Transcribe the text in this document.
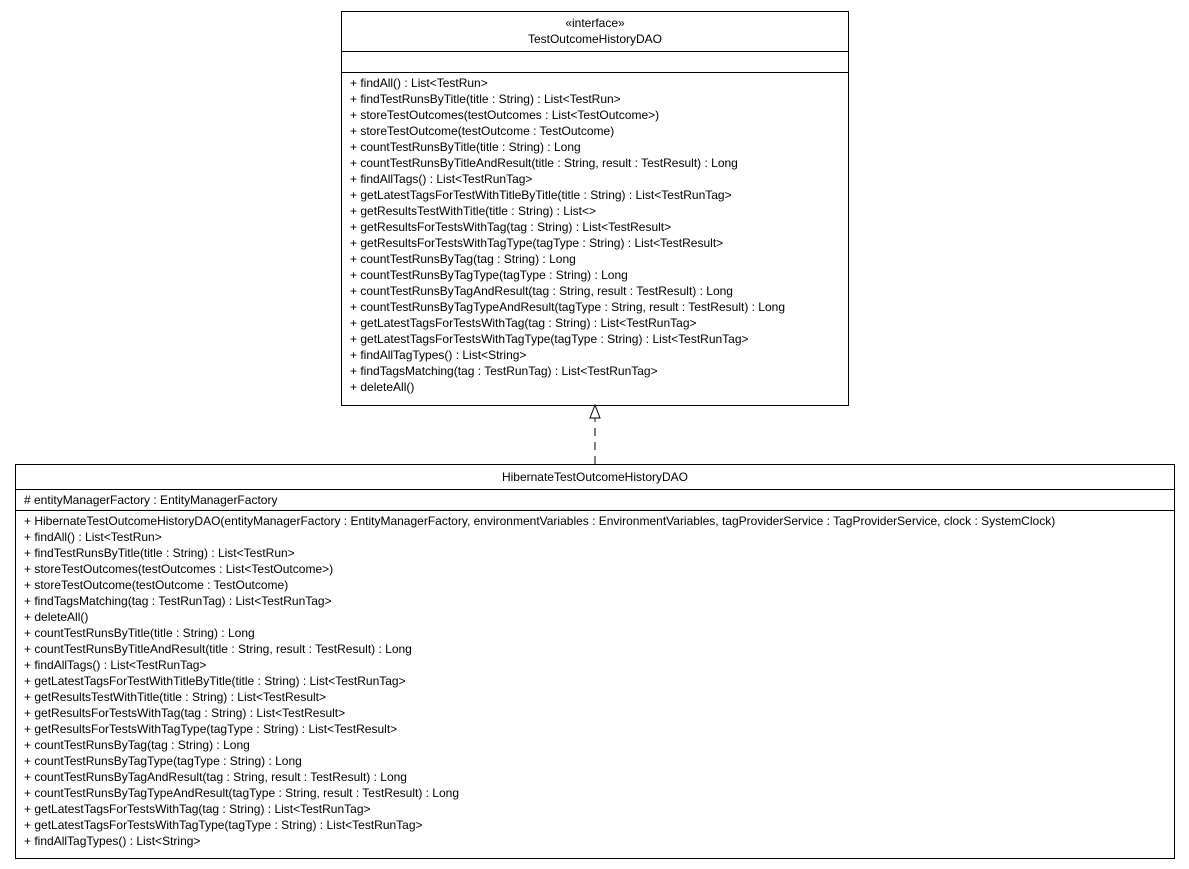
«interface»
TestOutcomeHistoryDAO
+ findAll() : List<TestRun>
+ findTestRunsByTitle(title : String) : List<TestRun>
+ storeTestOutcomes(testOutcomes : List<TestOutcome>)
+ storeTestOutcome(testOutcome : TestOutcome)
+ countTestRunsByTitle(title : String) : Long
+ countTestRunsByTitleAndResult(title : String, result : TestResult) : Long
+ findAllTags() : List<TestRunTag>
+ getLatestTagsForTestWithTitleByTitle(title : String) : List<TestRunTag>
+ getResultsTestWithTitle(title : String) : List<>
+ getResultsForTestsWithTag(tag : String) : List<TestResult>
+ getResultsForTestsWithTagType(tagType : String) : List<TestResult>
+ countTestRunsByTag(tag : String) : Long
+ countTestRunsByTagType(tagType : String) : Long
+ countTestRunsByTagAndResult(tag : String, result : TestResult) : Long
+ countTestRunsByTagTypeAndResult(tagType : String, result : TestResult) : Long
+ getLatestTagsForTestsWithTag(tag : String) : List<TestRunTag>
+ getLatestTagsForTestsWithTagType(tagType : String) : List<TestRunTag>
+ findAllTagTypes() : List<String>
+ findTagsMatching(tag : TestRunTag) : List<TestRunTag>
+ deleteAll()
HibernateTestOutcomeHistoryDAO
# entityManagerFactory : EntityManagerFactory
+ HibernateTestOutcomeHistoryDAO(entityManagerFactory : EntityManagerFactory, environmentVariables : EnvironmentVariables, tagProviderService : TagProviderService, clock : SystemClock)
+ findAll() : List<TestRun>
+ findTestRunsByTitle(title : String) : List<TestRun>
+ storeTestOutcomes(testOutcomes : List<TestOutcome>)
+ storeTestOutcome(testOutcome : TestOutcome)
+ findTagsMatching(tag : TestRunTag) : List<TestRunTag>
+ deleteAll()
+ countTestRunsByTitle(title : String) : Long
+ countTestRunsByTitleAndResult(title : String, result : TestResult) : Long
+ findAllTags() : List<TestRunTag>
+ getLatestTagsForTestWithTitleByTitle(title : String) : List<TestRunTag>
+ getResultsTestWithTitle(title : String) : List<TestResult>
+ getResultsForTestsWithTag(tag : String) : List<TestResult>
+ getResultsForTestsWithTagType(tagType : String) : List<TestResult>
+ countTestRunsByTag(tag : String) : Long
+ countTestRunsByTagType(tagType : String) : Long
+ countTestRunsByTagAndResult(tag : String, result : TestResult) : Long
+ countTestRunsByTagTypeAndResult(tagType : String, result : TestResult) : Long
+ getLatestTagsForTestsWithTag(tag : String) : List<TestRunTag>
+ getLatestTagsForTestsWithTagType(tagType : String) : List<TestRunTag>
+ findAllTagTypes() : List<String>
